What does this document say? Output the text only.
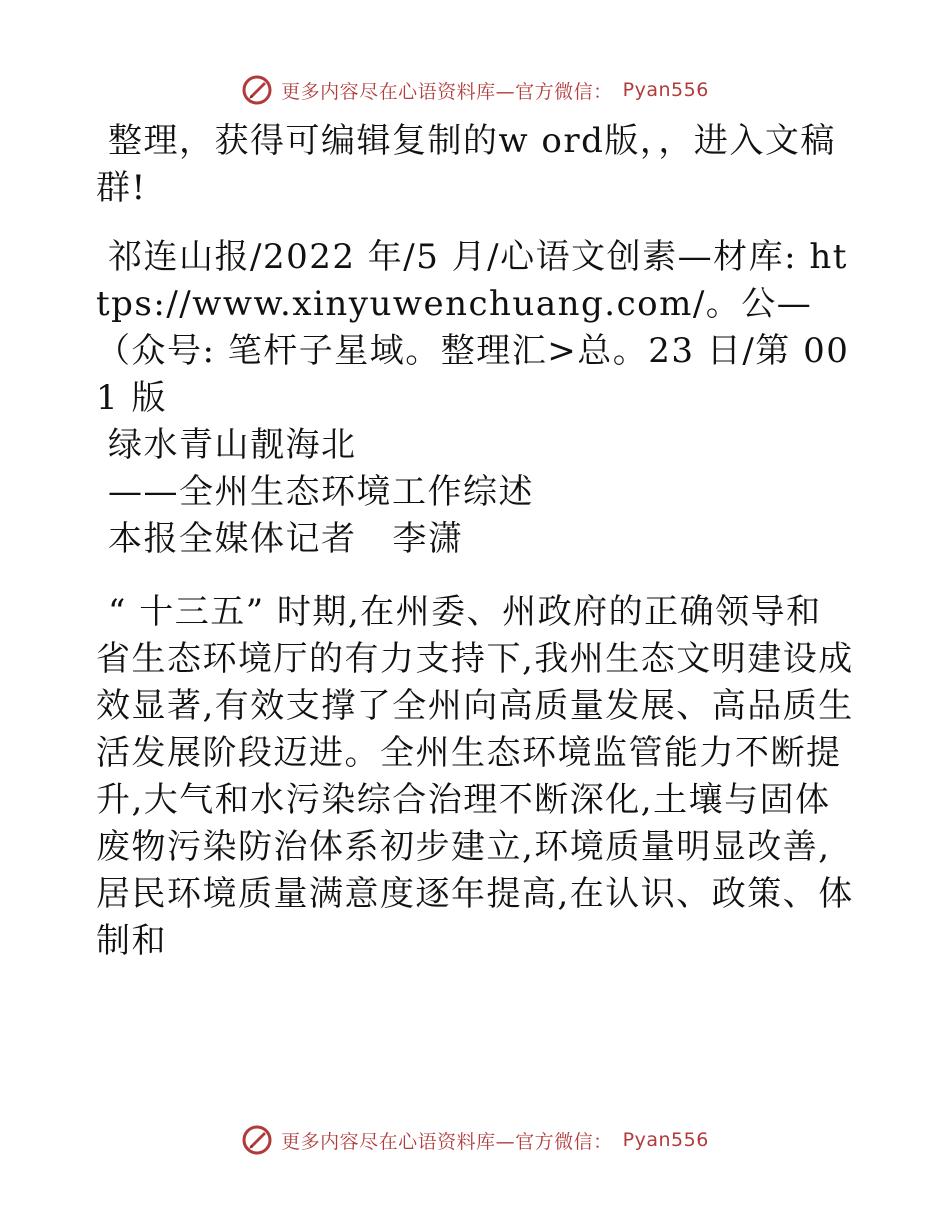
更多内容尽在心语资料库—官方微信： Pyan556

整理，获得可编辑复制的w ord版，，进入文稿群!

祁连山报/2022 年/5 月/心语文创素—材库: https://www.xinyuwenchuang.com/。公—（众号: 笔杆子星域。整理汇>总。23 日/第 001 版

绿水青山靓海北

——全州生态环境工作综述

本报全媒体记者 李潇

“ 十三五” 时期,在州委、州政府的正确领导和省生态环境厅的有力支持下,我州生态文明建设成效显著,有效支撑了全州向高质量发展、高品质生活发展阶段迈进。全州生态环境监管能力不断提升,大气和水污染综合治理不断深化,土壤与固体废物污染防治体系初步建立,环境质量明显改善,居民环境质量满意度逐年提高,在认识、政策、体制和

更多内容尽在心语资料库—官方微信： Pyan556
